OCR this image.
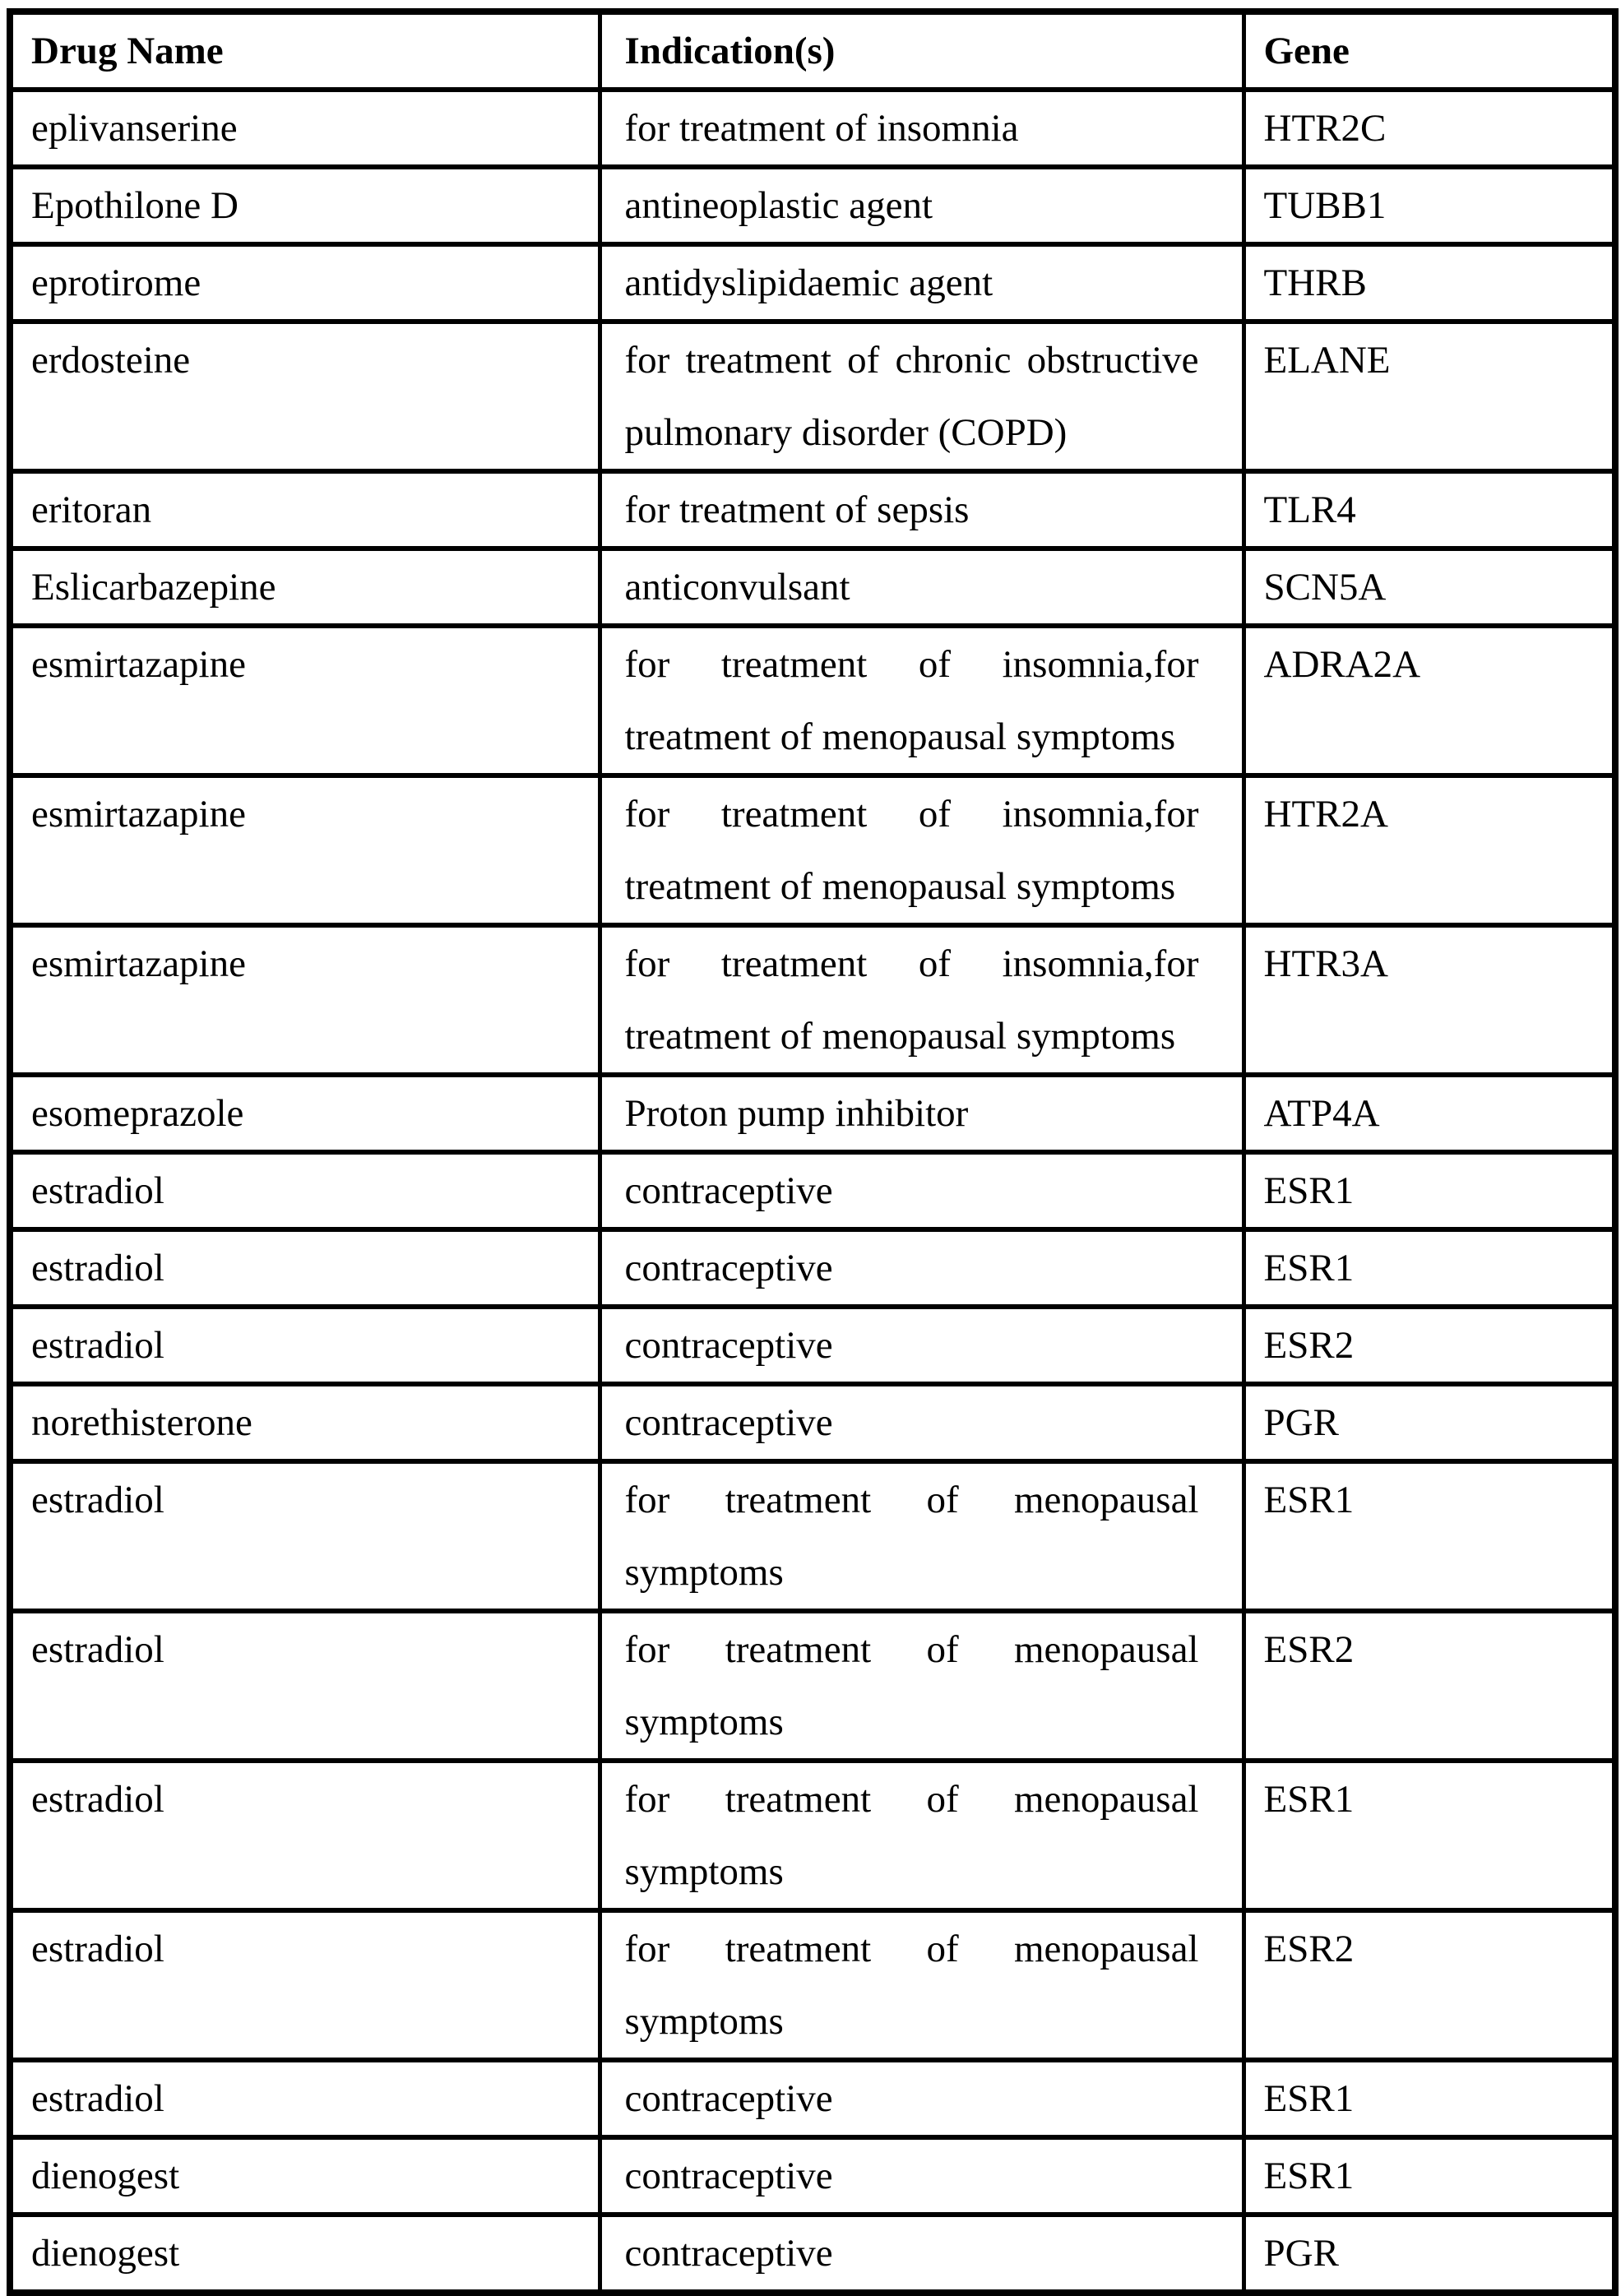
Drug Name	Indication(s)	Gene
eplivanserine	for treatment of insomnia	HTR2C
Epothilone D	antineoplastic agent	TUBB1
eprotirome	antidyslipidaemic agent	THRB
erdosteine	for treatment of chronic obstructive pulmonary disorder (COPD)	ELANE
eritoran	for treatment of sepsis	TLR4
Eslicarbazepine	anticonvulsant	SCN5A
esmirtazapine	for treatment of insomnia,for treatment of menopausal symptoms	ADRA2A
esmirtazapine	for treatment of insomnia,for treatment of menopausal symptoms	HTR2A
esmirtazapine	for treatment of insomnia,for treatment of menopausal symptoms	HTR3A
esomeprazole	Proton pump inhibitor	ATP4A
estradiol	contraceptive	ESR1
estradiol	contraceptive	ESR1
estradiol	contraceptive	ESR2
norethisterone	contraceptive	PGR
estradiol	for treatment of menopausal symptoms	ESR1
estradiol	for treatment of menopausal symptoms	ESR2
estradiol	for treatment of menopausal symptoms	ESR1
estradiol	for treatment of menopausal symptoms	ESR2
estradiol	contraceptive	ESR1
dienogest	contraceptive	ESR1
dienogest	contraceptive	PGR
